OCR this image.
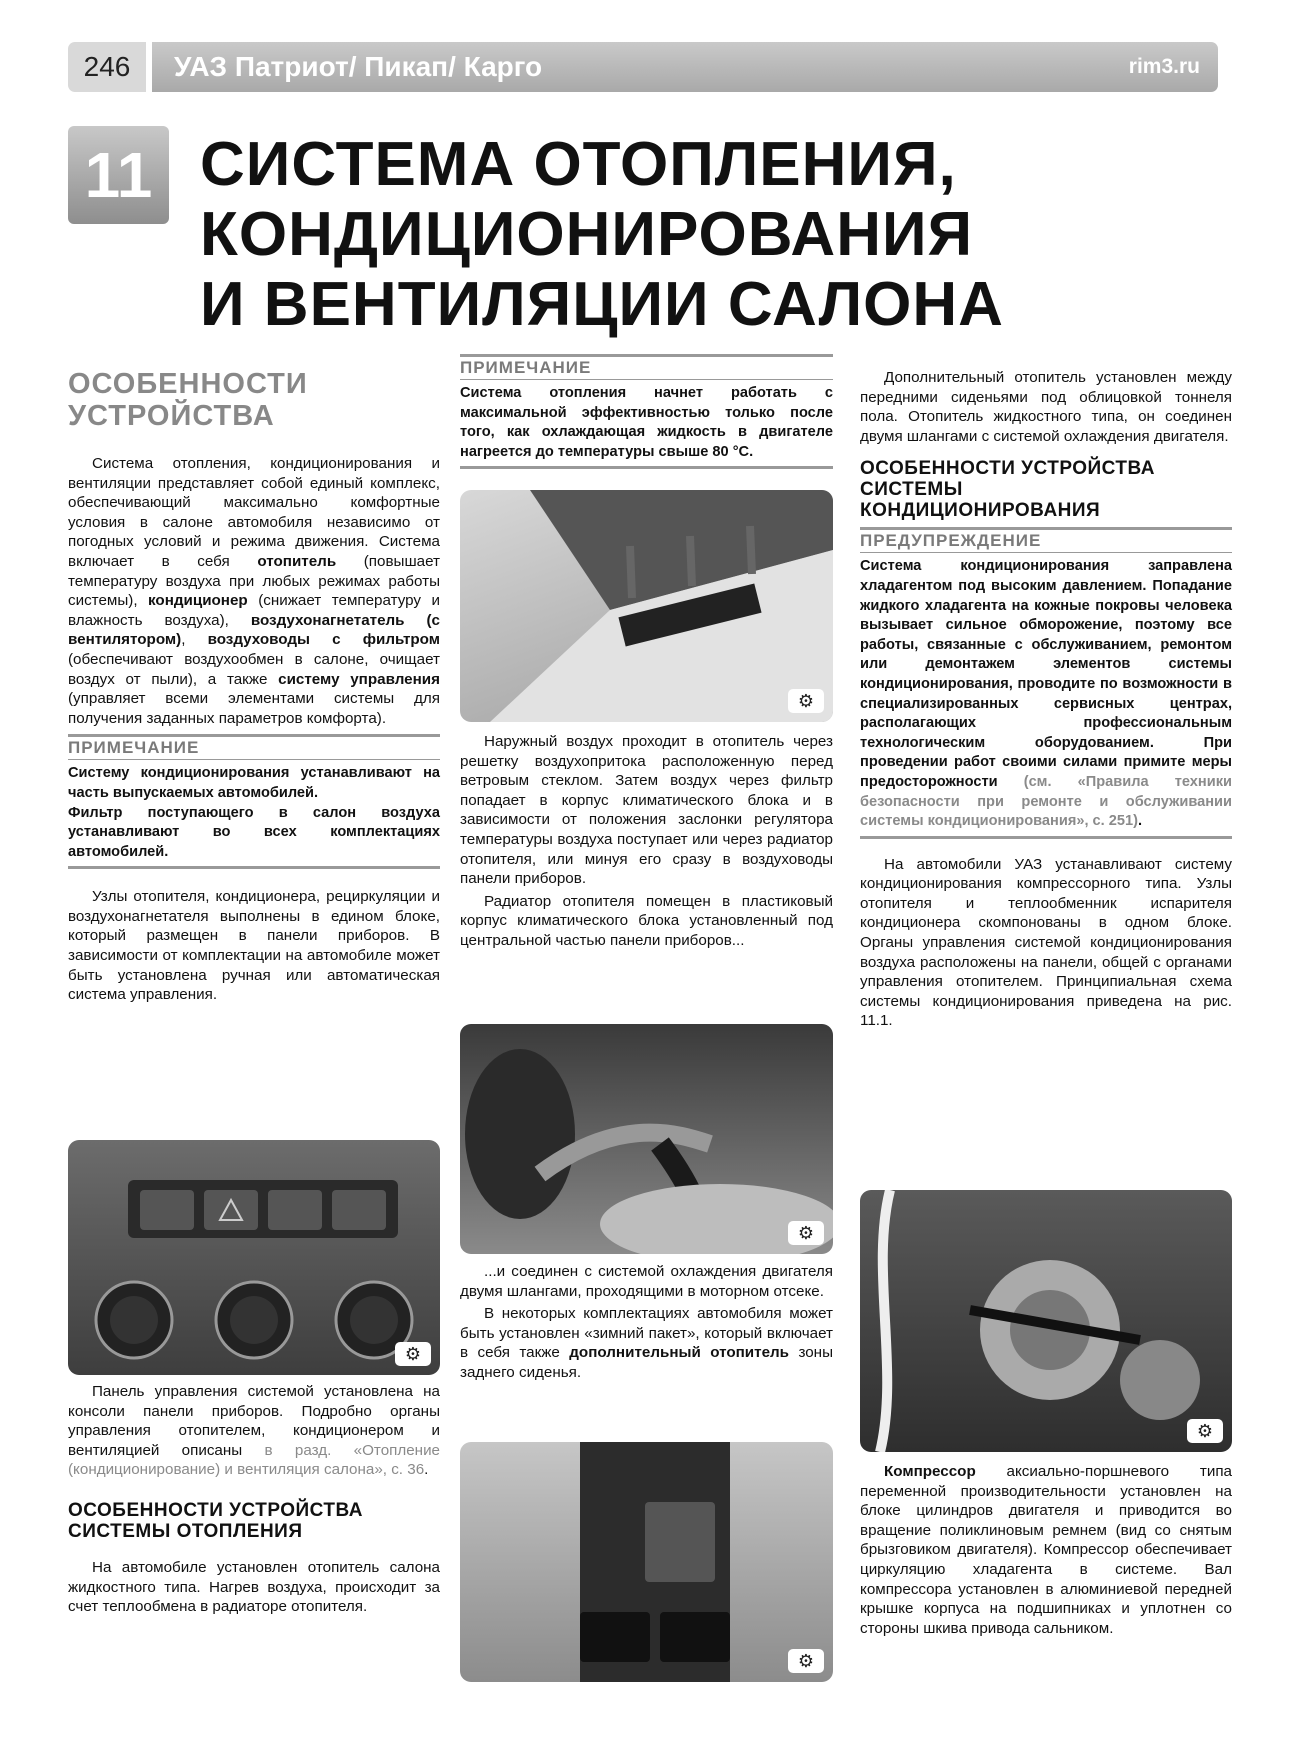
246	УАЗ Патриот/ Пикап/ Карго	rim3.ru
11 СИСТЕМА ОТОПЛЕНИЯ,
КОНДИЦИОНИРОВАНИЯ
И ВЕНТИЛЯЦИИ САЛОНА
ОСОБЕННОСТИ
УСТРОЙСТВА

Система отопления, кондиционирования и вентиляции представляет собой единый комплекс, обеспечивающий максимально комфортные условия в салоне автомобиля независимо от погодных условий и режима движения. Система включает в себя отопитель (повышает температуру воздуха при любых режимах работы системы), кондиционер (снижает температуру и влажность воздуха), воздухонагнетатель (с вентилятором), воздуховоды с фильтром (обеспечивают воздухообмен в салоне, очищает воздух от пыли), а также систему управления (управляет всеми элементами системы для получения заданных параметров комфорта).

ПРИМЕЧАНИЕ
Систему кондиционирования устанавливают на часть выпускаемых автомобилей.
Фильтр поступающего в салон воздуха устанавливают во всех комплектациях автомобилей.

Узлы отопителя, кондиционера, рециркуляции и воздухонагнетателя выполнены в едином блоке, который размещен в панели приборов. В зависимости от комплектации на автомобиле может быть установлена ручная или автоматическая система управления.

⚙

Панель управления системой установлена на консоли панели приборов. Подробно органы управления отопителем, кондиционером и вентиляцией описаны в разд. «Отопление (кондиционирование) и вентиляция салона», с. 36.

ОСОБЕННОСТИ УСТРОЙСТВА
СИСТЕМЫ ОТОПЛЕНИЯ

На автомобиле установлен отопитель салона жидкостного типа. Нагрев воздуха, происходит за счет теплообмена в радиаторе отопителя.

ПРИМЕЧАНИЕ
Система отопления начнет работать с максимальной эффективностью только после того, как охлаждающая жидкость в двигателе нагреется до температуры свыше 80 °С.
⚙

Наружный воздух проходит в отопитель через решетку воздухопритока расположенную перед ветровым стеклом. Затем воздух через фильтр попадает в корпус климатического блока и в зависимости от положения заслонки регулятора температуры воздуха поступает или через радиатор отопителя, или минуя его сразу в воздуховоды панели приборов.

Радиатор отопителя помещен в пластиковый корпус климатического блока установленный под центральной частью панели приборов...

⚙

...и соединен с системой охлаждения двигателя двумя шлангами, проходящими в моторном отсеке.

В некоторых комплектациях автомобиля может быть установлен «зимний пакет», который включает в себя также дополнительный отопитель зоны заднего сиденья.

⚙

Дополнительный отопитель установлен между передними сиденьями под облицовкой тоннеля пола. Отопитель жидкостного типа, он соединен двумя шлангами с системой охлаждения двигателя.

ОСОБЕННОСТИ УСТРОЙСТВА
СИСТЕМЫ
КОНДИЦИОНИРОВАНИЯ
ПРЕДУПРЕЖДЕНИЕ
Система кондиционирования заправлена хладагентом под высоким давлением. Попадание жидкого хладагента на кожные покровы человека вызывает сильное обморожение, поэтому все работы, связанные с обслуживанием, ремонтом или демонтажем элементов системы кондиционирования, проводите по возможности в специализированных сервисных центрах, располагающих профессиональным технологическим оборудованием. При проведении работ своими силами примите меры предосторожности (см. «Правила техники безопасности при ремонте и обслуживании системы кондиционирования», с. 251).

На автомобили УАЗ устанавливают систему кондиционирования компрессорного типа. Узлы отопителя и теплообменник испарителя кондиционера скомпонованы в одном блоке. Органы управления системой кондиционирования воздуха расположены на панели, общей с органами управления отопителем. Принципиальная схема системы кондиционирования приведена на рис. 11.1.

⚙

Компрессор аксиально-поршневого типа переменной производительности установлен на блоке цилиндров двигателя и приводится во вращение поликлиновым ремнем (вид со снятым брызговиком двигателя). Компрессор обеспечивает циркуляцию хладагента в системе. Вал компрессора установлен в алюминиевой передней крышке корпуса на подшипниках и уплотнен со стороны шкива привода сальником.
